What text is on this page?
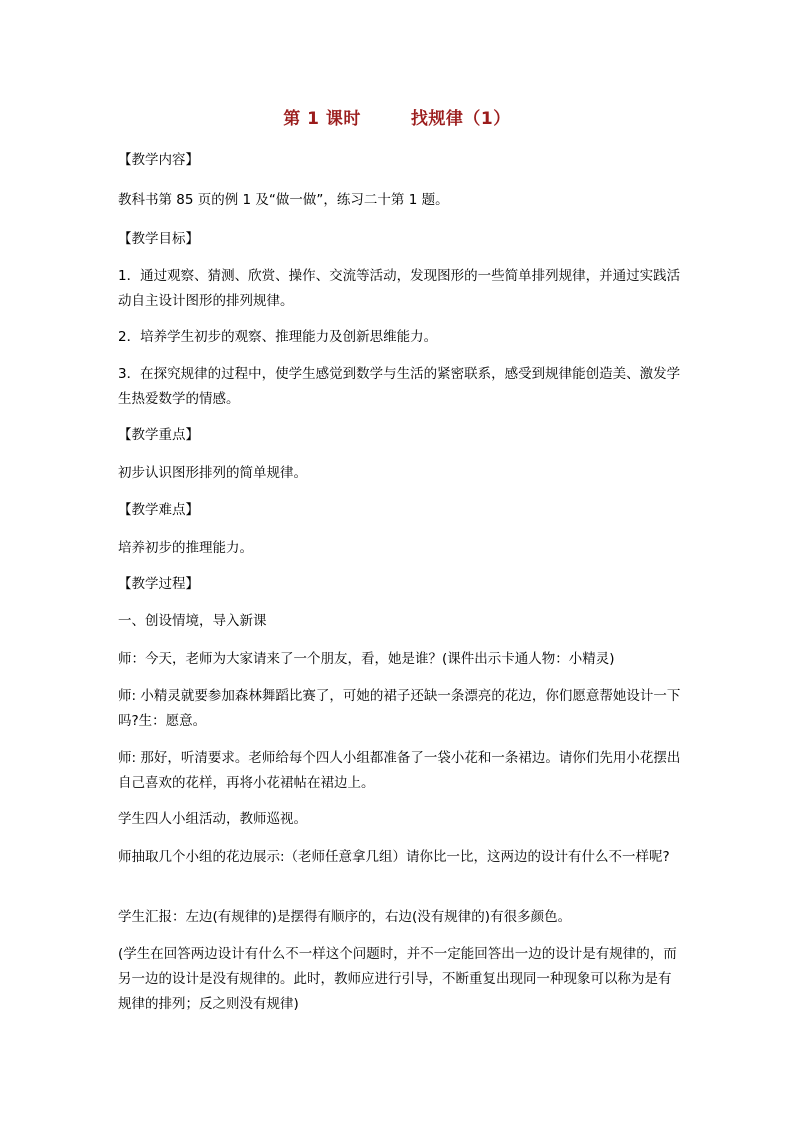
第 1 课时	找规律（1）

【教学内容】

教科书第 85 页的例 1 及“做一做”，练习二十第 1 题。

【教学目标】

1．通过观察、猜测、欣赏、操作、交流等活动，发现图形的一些简单排列规律，并通过实践活动自主设计图形的排列规律。

2．培养学生初步的观察、推理能力及创新思维能力。

3．在探究规律的过程中，使学生感觉到数学与生活的紧密联系，感受到规律能创造美、激发学生热爱数学的情感。

【教学重点】

初步认识图形排列的简单规律。

【教学难点】

培养初步的推理能力。

【教学过程】

一、创设情境，导入新课

师：今天，老师为大家请来了一个朋友，看，她是谁？(课件出示卡通人物：小精灵)

师: 小精灵就要参加森林舞蹈比赛了，可她的裙子还缺一条漂亮的花边，你们愿意帮她设计一下吗?生：愿意。

师: 那好，听清要求。老师给每个四人小组都准备了一袋小花和一条裙边。请你们先用小花摆出自己喜欢的花样，再将小花裙帖在裙边上。

学生四人小组活动，教师巡视。

师抽取几个小组的花边展示:（老师任意拿几组）请你比一比，这两边的设计有什么不一样呢?

学生汇报：左边(有规律的)是摆得有顺序的，右边(没有规律的)有很多颜色。

(学生在回答两边设计有什么不一样这个问题时，并不一定能回答出一边的设计是有规律的，而另一边的设计是没有规律的。此时，教师应进行引导，不断重复出现同一种现象可以称为是有规律的排列；反之则没有规律)
